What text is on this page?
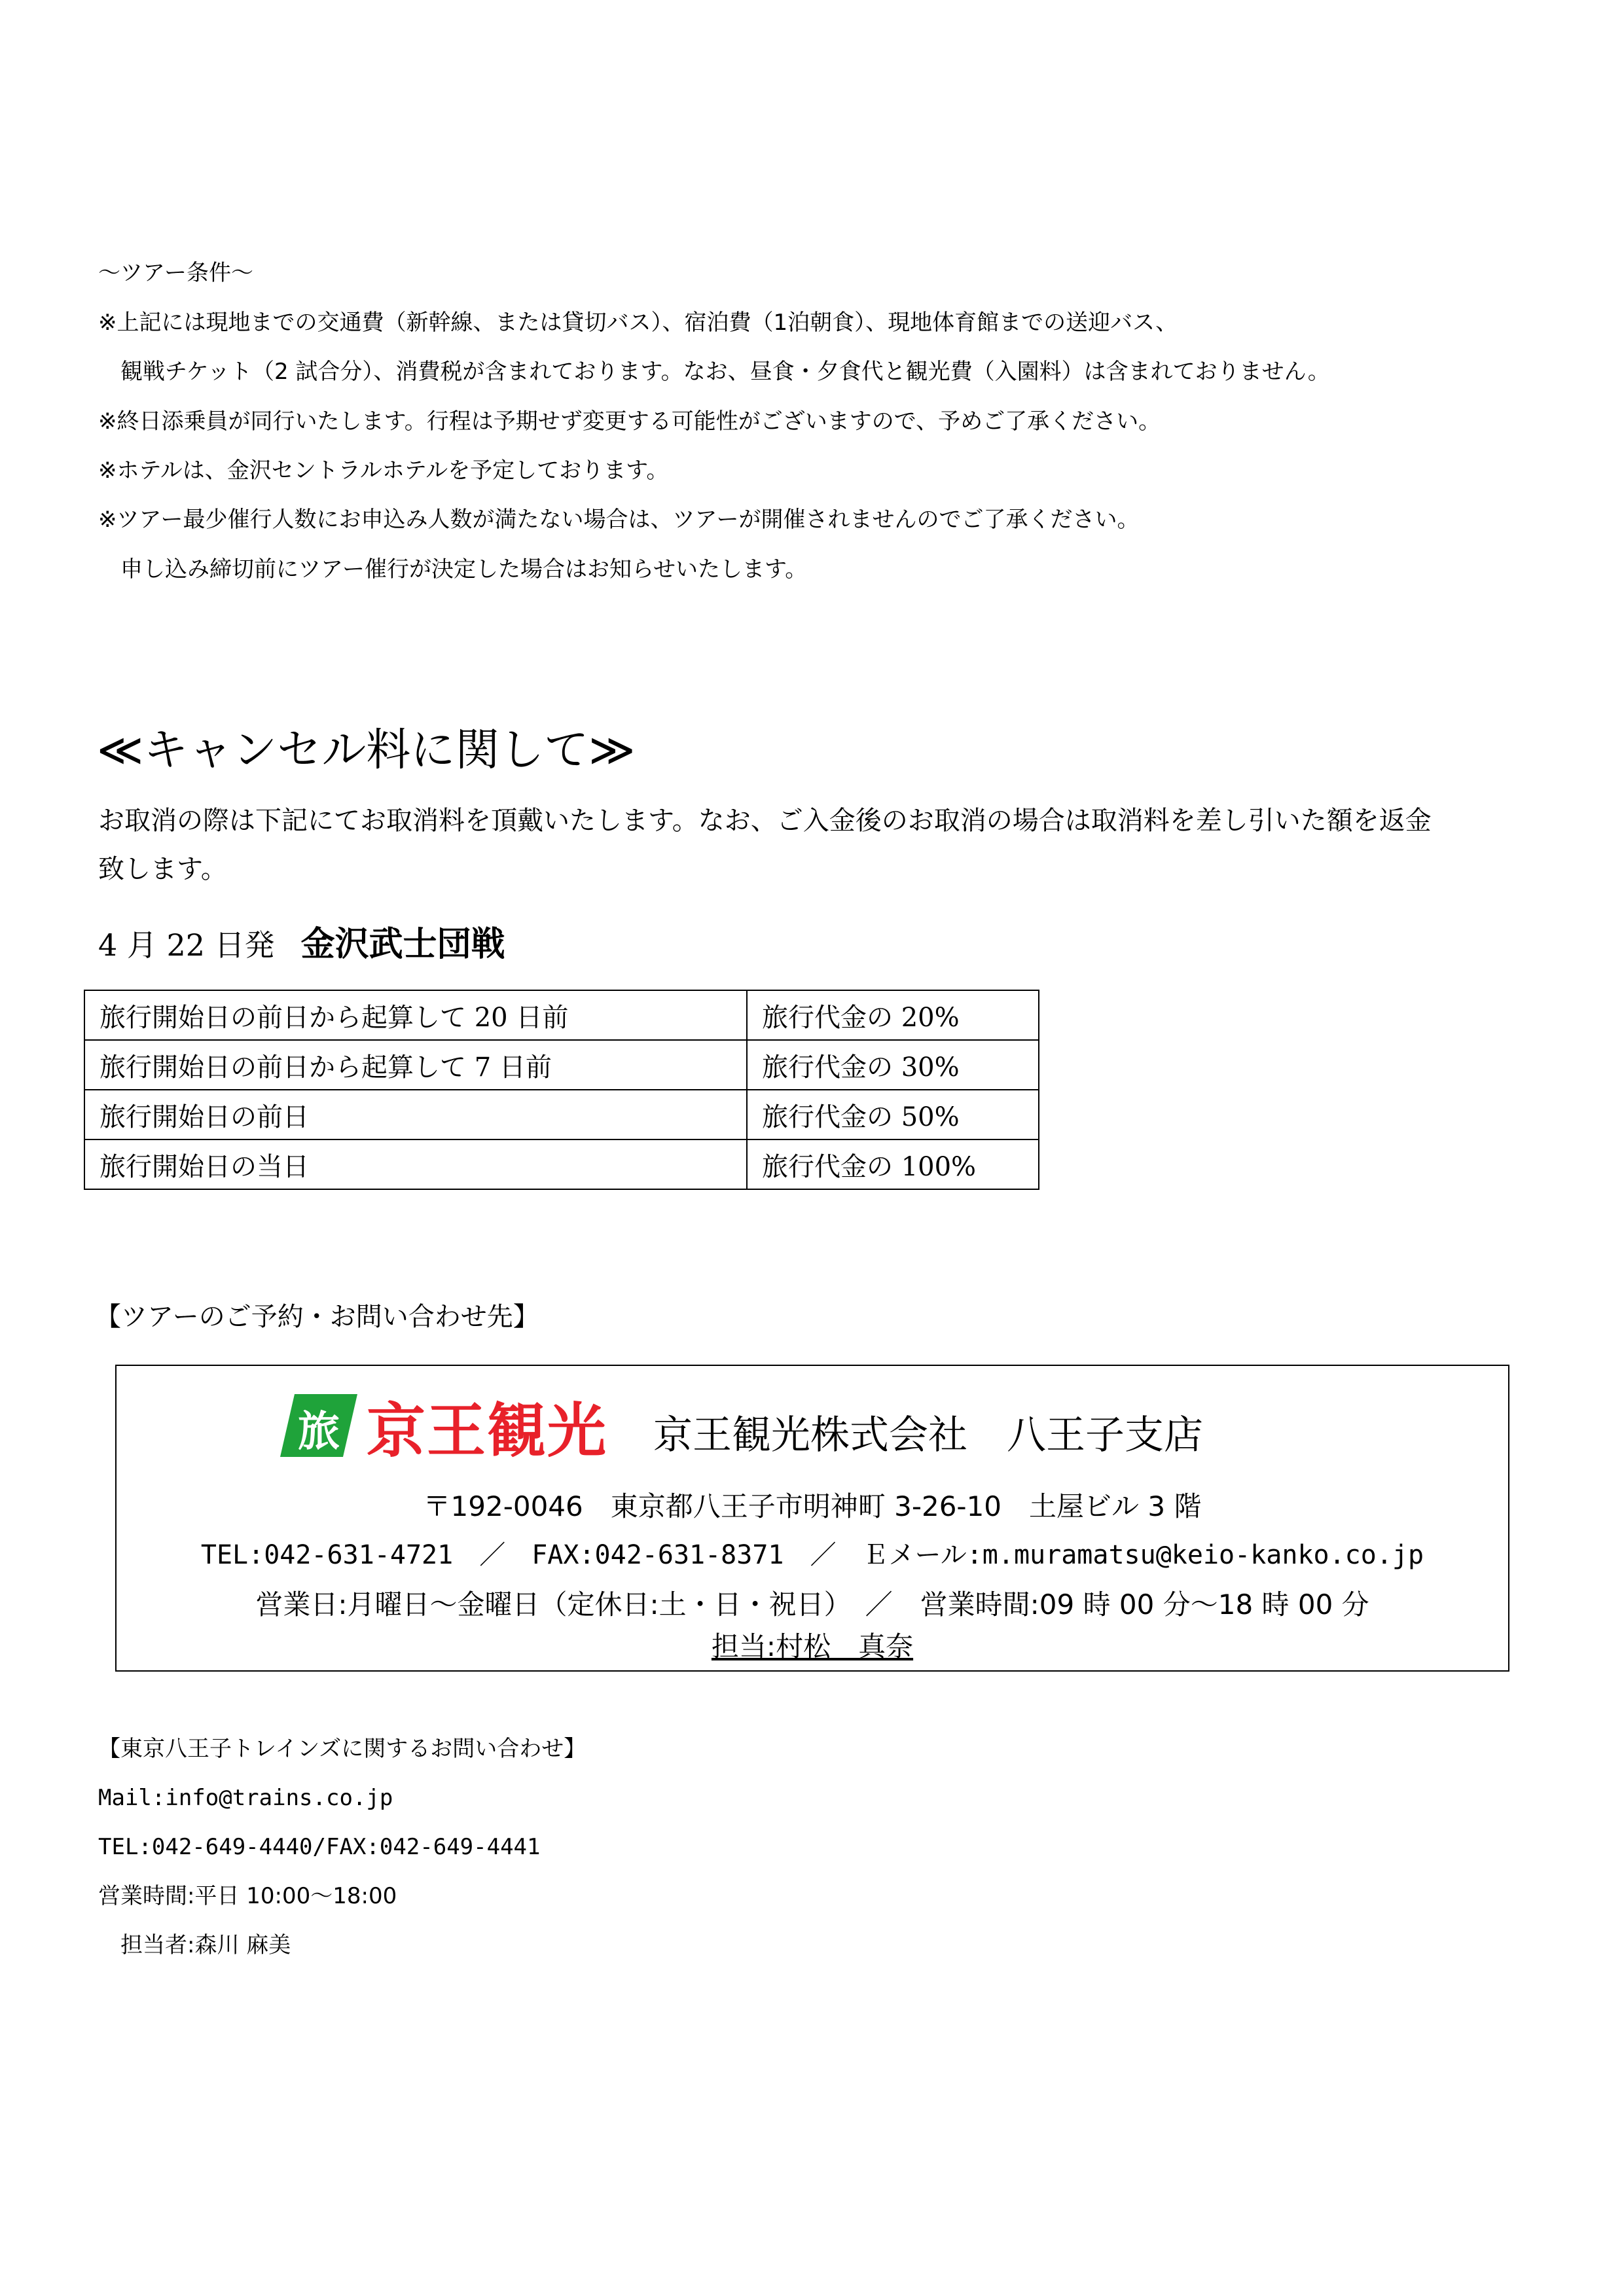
～ツアー条件～
※上記には現地までの交通費（新幹線、または貸切バス）、宿泊費（1泊朝食）、現地体育館までの送迎バス、
　観戦チケット（2 試合分）、消費税が含まれております。なお、昼食・夕食代と観光費（入園料）は含まれておりません。
※終日添乗員が同行いたします。行程は予期せず変更する可能性がございますので、予めご了承ください。
※ホテルは、金沢セントラルホテルを予定しております。
※ツアー最少催行人数にお申込み人数が満たない場合は、ツアーが開催されませんのでご了承ください。
　申し込み締切前にツアー催行が決定した場合はお知らせいたします。
≪キャンセル料に関して≫
お取消の際は下記にてお取消料を頂戴いたします。なお、ご入金後のお取消の場合は取消料を差し引いた額を返金
致します。
4 月 22 日発 金沢武士団戦
旅行開始日の前日から起算して 20 日前	旅行代金の 20%
旅行開始日の前日から起算して 7 日前	旅行代金の 30%
旅行開始日の前日	旅行代金の 50%
旅行開始日の当日	旅行代金の 100%
【ツアーのご予約・お問い合わせ先】
旅 京王観光 京王観光株式会社　八王子支店
〒192-0046　東京都八王子市明神町 3-26-10　土屋ビル 3 階
TEL:042-631-4721　／　FAX:042-631-8371　／　Ｅメール:m.muramatsu@keio-kanko.co.jp
営業日:月曜日～金曜日（定休日:土・日・祝日）　／　営業時間:09 時 00 分～18 時 00 分
担当:村松　真奈
【東京八王子トレインズに関するお問い合わせ】
Mail:info@trains.co.jp
TEL:042-649-4440/FAX:042-649-4441
営業時間:平日 10:00～18:00
　担当者:森川 麻美
